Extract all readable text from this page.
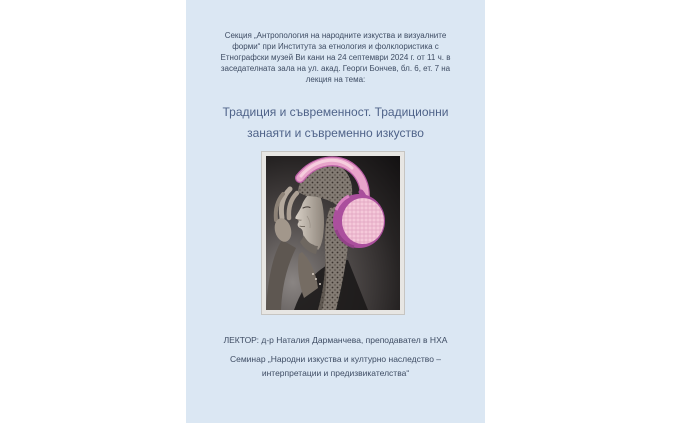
Секция „Антропология на народните изкуства и визуалните форми“ при Института за етнология и фолклористика с Етнографски музей Ви кани на 24 септември 2024 г. от 11 ч. в заседателната зала на ул. акад. Георги Бончев, бл. 6, ет. 7 на лекция на тема:

Традиция и съвременност. Традиционни занаяти и съвременно изкуство

ЛЕКТОР: д-р Наталия Дарманчева, преподавател в НХА

Семинар „Народни изкуства и културно наследство – интерпретации и предизвикателства“
